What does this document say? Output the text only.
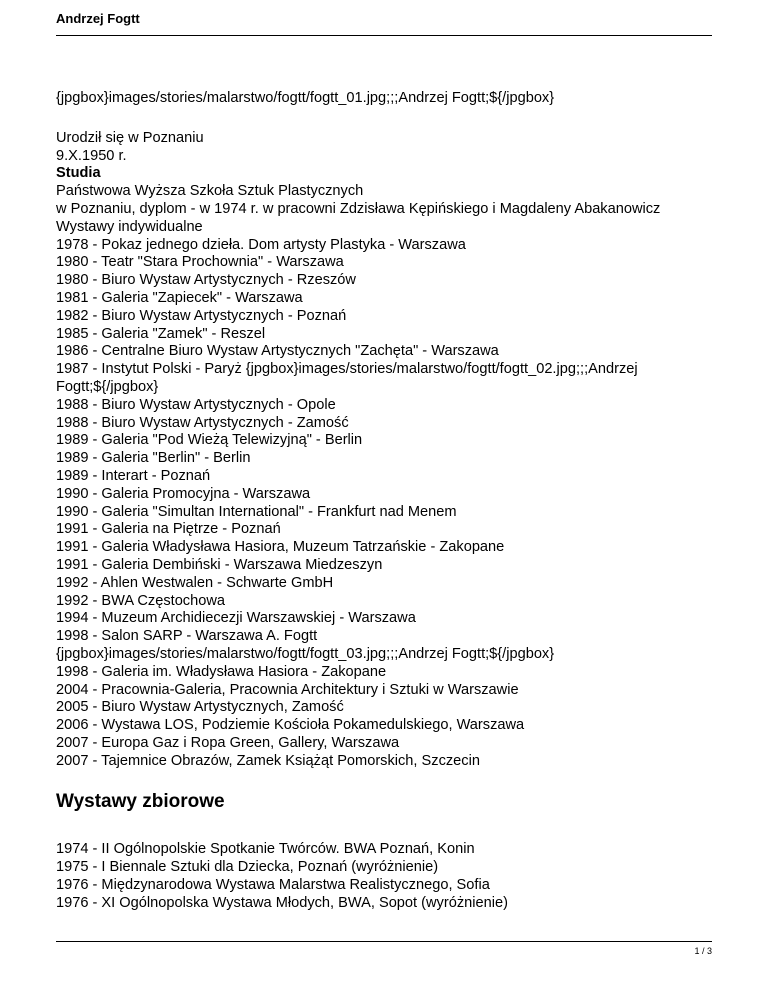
Andrzej Fogtt
{jpgbox}images/stories/malarstwo/fogtt/fogtt_01.jpg;;;Andrzej Fogtt;${/jpgbox}
Urodził się w Poznaniu
9.X.1950 r.
Studia
Państwowa Wyższa Szkoła Sztuk Plastycznych
w Poznaniu, dyplom - w 1974 r. w pracowni Zdzisława Kępińskiego i Magdaleny Abakanowicz
Wystawy indywidualne
1978 - Pokaz jednego dzieła. Dom artysty Plastyka - Warszawa
1980 - Teatr "Stara Prochownia" - Warszawa
1980 - Biuro Wystaw Artystycznych - Rzeszów
1981 - Galeria "Zapiecek" - Warszawa
1982 - Biuro Wystaw Artystycznych - Poznań
1985 - Galeria "Zamek" - Reszel
1986 - Centralne Biuro Wystaw Artystycznych "Zachęta" - Warszawa
1987 - Instytut Polski - Paryż {jpgbox}images/stories/malarstwo/fogtt/fogtt_02.jpg;;;Andrzej Fogtt;${/jpgbox}
1988 - Biuro Wystaw Artystycznych - Opole
1988 - Biuro Wystaw Artystycznych - Zamość
1989 - Galeria "Pod Wieżą Telewizyjną" - Berlin
1989 - Galeria "Berlin" - Berlin
1989 - Interart - Poznań
1990 - Galeria Promocyjna - Warszawa
1990 - Galeria "Simultan International" - Frankfurt nad Menem
1991 - Galeria na Piętrze - Poznań
1991 - Galeria Władysława Hasiora, Muzeum Tatrzańskie - Zakopane
1991 - Galeria Dembiński - Warszawa Miedzeszyn
1992 - Ahlen Westwalen - Schwarte GmbH
1992 - BWA Częstochowa
1994 - Muzeum Archidiecezji Warszawskiej - Warszawa
1998 - Salon SARP - Warszawa A. Fogtt
{jpgbox}images/stories/malarstwo/fogtt/fogtt_03.jpg;;;Andrzej Fogtt;${/jpgbox}
1998 - Galeria im. Władysława Hasiora - Zakopane
2004 - Pracownia-Galeria, Pracownia Architektury i Sztuki w Warszawie
2005 - Biuro Wystaw Artystycznych, Zamość
2006 - Wystawa LOS, Podziemie Kościoła Pokamedulskiego, Warszawa
2007 - Europa Gaz i Ropa Green, Gallery, Warszawa
2007 - Tajemnice Obrazów, Zamek Książąt Pomorskich, Szczecin
Wystawy zbiorowe
1974 - II Ogólnopolskie Spotkanie Twórców. BWA Poznań, Konin
1975 - I Biennale Sztuki dla Dziecka, Poznań (wyróżnienie)
1976 - Międzynarodowa Wystawa Malarstwa Realistycznego, Sofia
1976 - XI Ogólnopolska Wystawa Młodych, BWA, Sopot (wyróżnienie)
1 / 3
